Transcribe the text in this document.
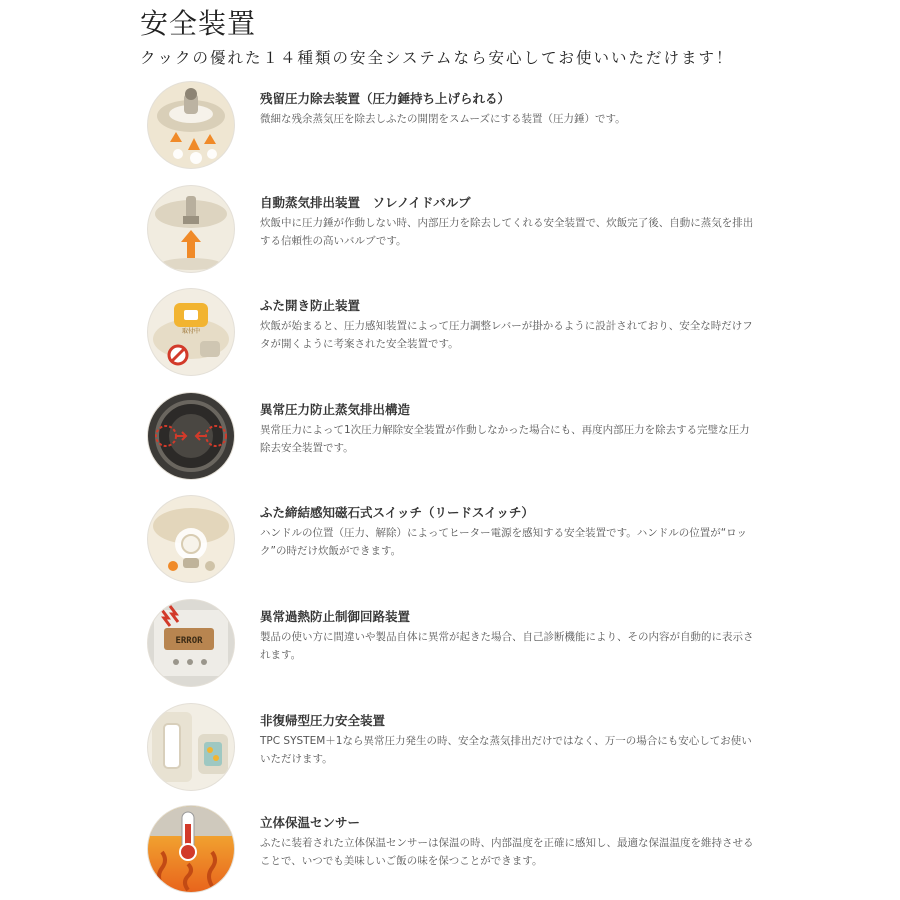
安全装置
クックの優れた１４種類の安全システムなら安心してお使いいただけます！
残留圧力除去装置（圧力錘持ち上げられる）
微細な残余蒸気圧を除去しふたの開閉をスムーズにする装置（圧力錘）です。
自動蒸気排出装置　ソレノイドバルブ
炊飯中に圧力錘が作動しない時、内部圧力を除去してくれる安全装置で、炊飯完了後、自動に蒸気を排出する信頼性の高いバルブです。
取付中
ふた開き防止装置
炊飯が始まると、圧力感知装置によって圧力調整レバーが掛かるように設計されており、安全な時だけフタが開くように考案された安全装置です。
異常圧力防止蒸気排出構造
異常圧力によって1次圧力解除安全装置が作動しなかった場合にも、再度内部圧力を除去する完璧な圧力除去安全装置です。
ふた締結感知磁石式スイッチ（リードスイッチ）
ハンドルの位置（圧力、解除）によってヒーター電源を感知する安全装置です。ハンドルの位置が“ロック”の時だけ炊飯ができます。
ERROR
異常過熱防止制御回路装置
製品の使い方に間違いや製品自体に異常が起きた場合、自己診断機能により、その内容が自動的に表示されます。
非復帰型圧力安全装置
TPC SYSTEM＋1なら異常圧力発生の時、安全な蒸気排出だけではなく、万一の場合にも安心してお使いいただけます。
立体保温センサー
ふたに装着された立体保温センサーは保温の時、内部温度を正確に感知し、最適な保温温度を維持させることで、いつでも美味しいご飯の味を保つことができます。
